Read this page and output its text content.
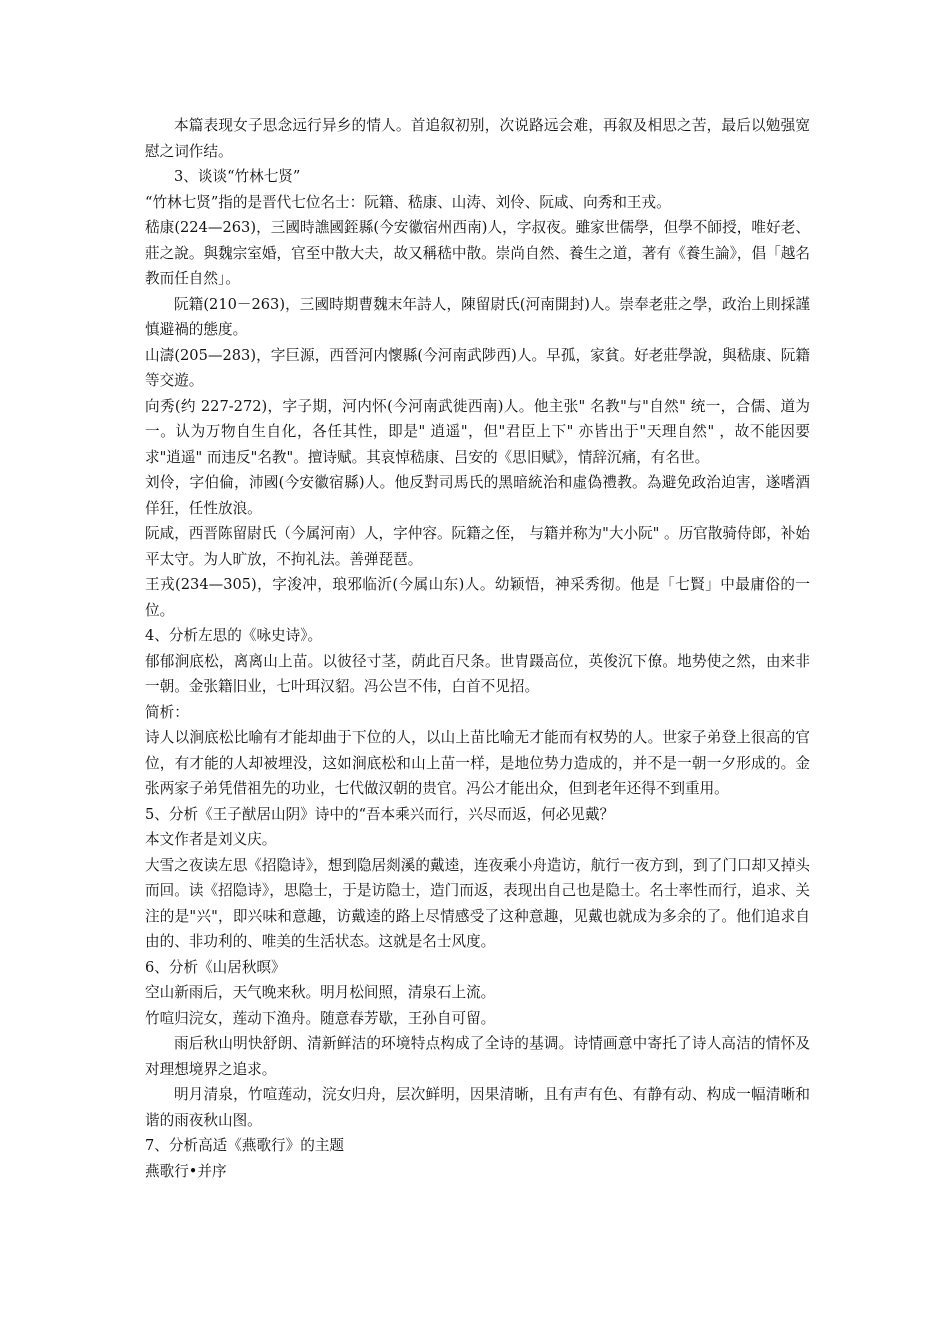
本篇表现女子思念远行异乡的情人。首追叙初别，次说路远会难，再叙及相思之苦，最后以勉强宽慰之词作结。

3、谈谈“竹林七贤”

“竹林七贤”指的是晋代七位名士：阮籍、嵇康、山涛、刘伶、阮咸、向秀和王戎。

嵇康(224—263)，三國時譙國銍縣(今安徽宿州西南)人，字叔夜。雖家世儒學，但學不師授，唯好老、莊之說。與魏宗室婚，官至中散大夫，故又稱嵇中散。崇尚自然、養生之道，著有《養生論》，倡「越名教而任自然」。

阮籍(210－263)，三國時期曹魏末年詩人，陳留尉氏(河南開封)人。崇奉老莊之學，政治上則採謹慎避禍的態度。

山濤(205—283)，字巨源，西晉河内懷縣(今河南武陟西)人。早孤，家貧。好老莊學說，與嵇康、阮籍等交遊。

向秀(约 227-272)，字子期，河内怀(今河南武徙西南)人。他主张" 名教"与"自然" 统一，合儒、道为一。认为万物自生自化，各任其性，即是" 逍遥"，但"君臣上下" 亦皆出于"天理自然" ，故不能因要求"逍遥" 而违反"名教"。擅诗赋。其哀悼嵇康、吕安的《思旧赋》，情辞沉痛，有名世。

刘伶，字伯倫，沛國(今安徽宿縣)人。他反對司馬氏的黑暗統治和虛偽禮教。為避免政治迫害，遂嗜酒佯狂，任性放浪。

阮咸，西晋陈留尉氏（今属河南）人，字仲容。阮籍之侄， 与籍并称为"大小阮" 。历官散骑侍郎，补始平太守。为人旷放，不拘礼法。善弹琵琶。

王戎(234—305)，字浚冲，琅邪临沂(今属山东)人。幼颖悟，神采秀彻。他是「七賢」中最庸俗的一位。

4、分析左思的《咏史诗》。

郁郁涧底松，离离山上苗。以彼径寸茎，荫此百尺条。世胄蹑高位，英俊沉下僚。地势使之然，由来非一朝。金张籍旧业，七叶珥汉貂。冯公岂不伟，白首不见招。

简析：

诗人以涧底松比喻有才能却曲于下位的人，以山上苗比喻无才能而有权势的人。世家子弟登上很高的官位，有才能的人却被埋没，这如涧底松和山上苗一样，是地位势力造成的，并不是一朝一夕形成的。金张两家子弟凭借祖先的功业，七代做汉朝的贵官。冯公才能出众，但到老年还得不到重用。

5、分析《王子猷居山阴》诗中的“吾本乘兴而行，兴尽而返，何必见戴？

本文作者是刘义庆。

大雪之夜读左思《招隐诗》，想到隐居剡溪的戴逵，连夜乘小舟造访，航行一夜方到，到了门口却又掉头而回。读《招隐诗》，思隐士，于是访隐士，造门而返，表现出自己也是隐士。名士率性而行，追求、关注的是"兴"，即兴味和意趣，访戴逵的路上尽情感受了这种意趣，见戴也就成为多余的了。他们追求自由的、非功利的、唯美的生活状态。这就是名士风度。

6、分析《山居秋暝》

空山新雨后，天气晚来秋。明月松间照，清泉石上流。

竹喧归浣女，莲动下渔舟。随意春芳歇，王孙自可留。

雨后秋山明快舒朗、清新鲜洁的环境特点构成了全诗的基调。诗情画意中寄托了诗人高洁的情怀及对理想境界之追求。

明月清泉，竹喧莲动，浣女归舟，层次鲜明，因果清晰，且有声有色、有静有动、构成一幅清晰和谐的雨夜秋山图。

7、分析高适《燕歌行》的主题

燕歌行•并序
